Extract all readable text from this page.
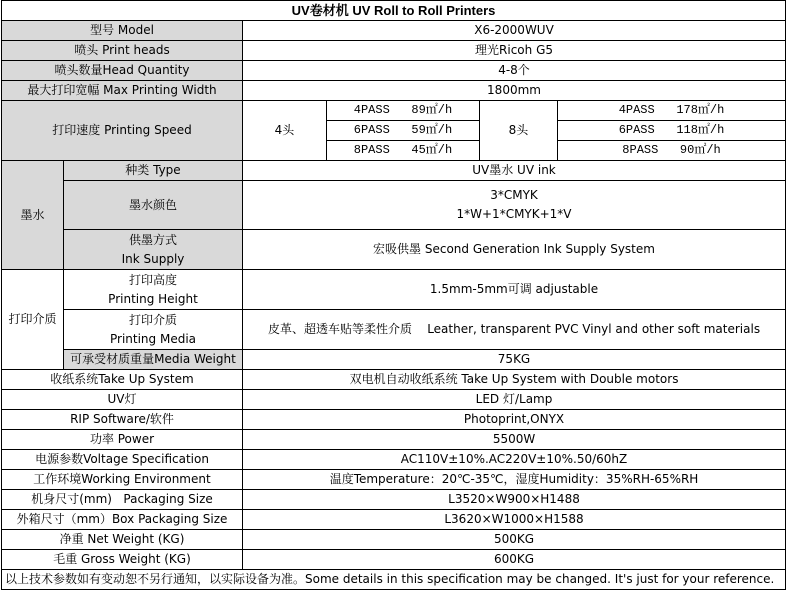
UV卷材机 UV Roll to Roll Printers					
型号 Model		X6-2000WUV			
喷头 Print heads		理光Ricoh G5			
喷头数量Head Quantity		4-8个			
最大打印宽幅 Max Printing Width		1800mm			
打印速度 Printing Speed		4头	4PASS 89㎡/h	8头	4PASS 178㎡/h
			6PASS 59㎡/h		6PASS 118㎡/h
			8PASS 45㎡/h		8PASS 90㎡/h
墨水	种类 Type	UV墨水 UV ink			
	墨水颜色	3*CMYK
1*W+1*CMYK+1*V			

	供墨方式
Ink Supply	宏吸供墨 Second Generation Ink Supply System			
打印介质	打印高度
Printing Height	1.5mm-5mm可调 adjustable			

	打印介质
Printing Media	皮革、超透车贴等柔性介质    Leather, transparent PVC Vinyl and other soft materials			
	可承受材质重量Media Weight	75KG			
收纸系统Take Up System		双电机自动收纸系统 Take Up System with Double motors			
UV灯		LED 灯/Lamp			
RIP Software/软件		Photoprint,ONYX			
功率 Power		5500W			
电源参数Voltage Specification		AC110V±10%.AC220V±10%.50/60hZ			
工作环境Working Environment		温度Temperature：20℃-35℃，湿度Humidity：35%RH-65%RH			
机身尺寸(mm)   Packaging Size		L3520×W900×H1488			
外箱尺寸（mm）Box Packaging Size		L3620×W1000×H1588			
净重 Net Weight (KG)		500KG			
毛重 Gross Weight (KG)		600KG			
以上技术参数如有变动恕不另行通知，以实际设备为准。Some details in this specification may be changed. It's just for your reference.					
